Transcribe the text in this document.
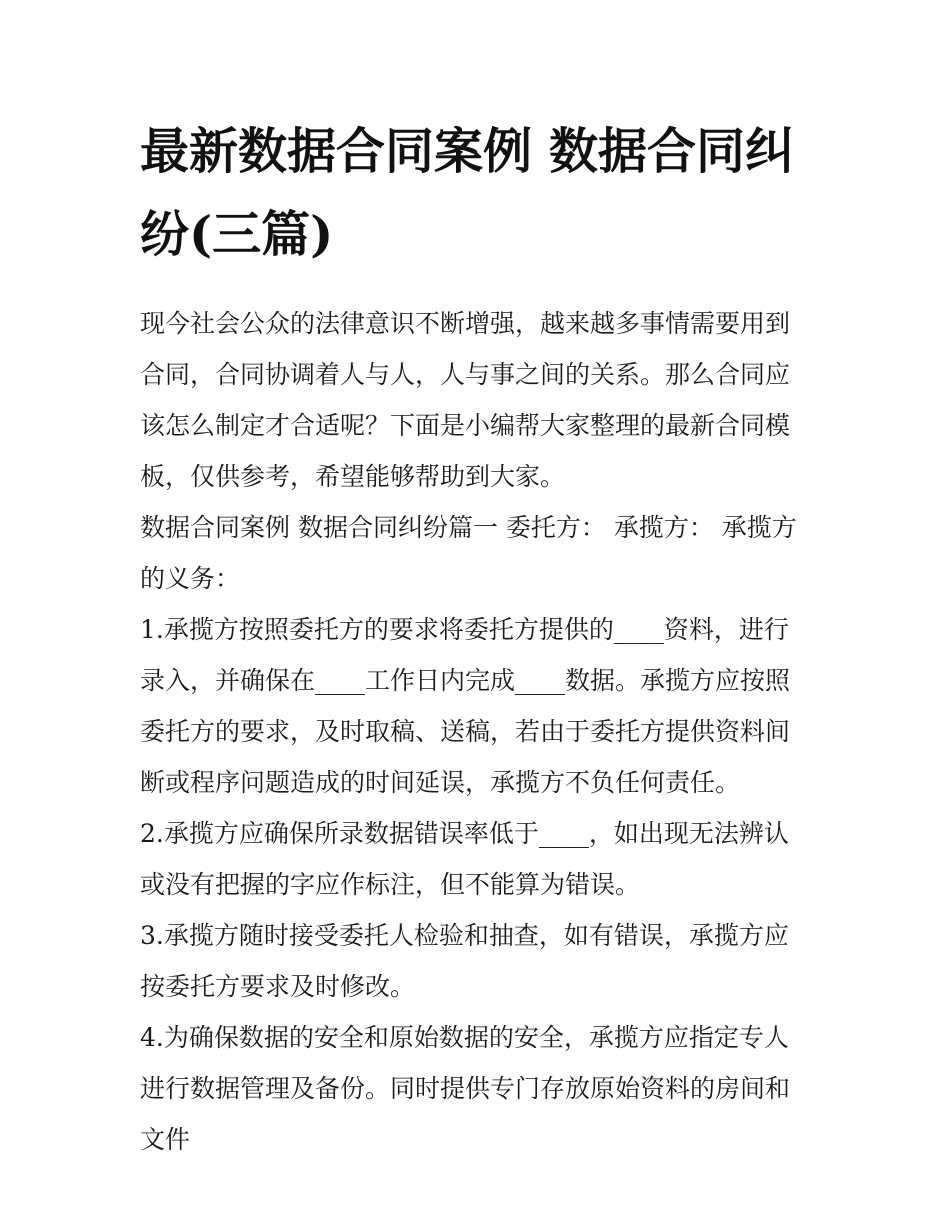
最新数据合同案例 数据合同纠纷(三篇)

现今社会公众的法律意识不断增强，越来越多事情需要用到合同，合同协调着人与人，人与事之间的关系。那么合同应该怎么制定才合适呢？下面是小编帮大家整理的最新合同模板，仅供参考，希望能够帮助到大家。

数据合同案例 数据合同纠纷篇一 委托方： 承揽方： 承揽方的义务：

1.承揽方按照委托方的要求将委托方提供的____资料，进行录入，并确保在____工作日内完成____数据。承揽方应按照委托方的要求，及时取稿、送稿，若由于委托方提供资料间断或程序问题造成的时间延误，承揽方不负任何责任。

2.承揽方应确保所录数据错误率低于____，如出现无法辨认或没有把握的字应作标注，但不能算为错误。

3.承揽方随时接受委托人检验和抽查，如有错误，承揽方应按委托方要求及时修改。

4.为确保数据的安全和原始数据的安全，承揽方应指定专人进行数据管理及备份。同时提供专门存放原始资料的房间和文件
